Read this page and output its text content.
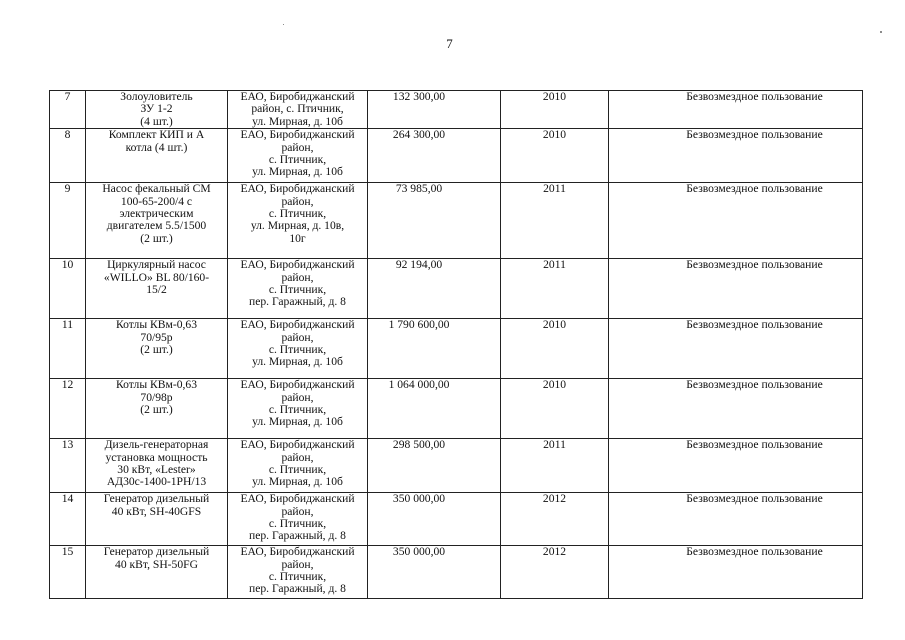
7
7	Золоуловитель
ЗУ 1-2
(4 шт.)	ЕАО, Биробиджанский
район, с. Птичник,
ул. Мирная, д. 10б	132 300,00	2010	Безвозмездное пользование
8	Комплект КИП и А
котла (4 шт.)	ЕАО, Биробиджанский
район,
с. Птичник,
ул. Мирная, д. 10б	264 300,00	2010	Безвозмездное пользование
9	Насос фекальный СМ
100-65-200/4 с
электрическим
двигателем 5.5/1500
(2 шт.)	ЕАО, Биробиджанский
район,
с. Птичник,
ул. Мирная, д. 10в,
10г	73 985,00	2011	Безвозмездное пользование
10	Циркулярный насос
«WILLO» BL 80/160-
15/2	ЕАО, Биробиджанский
район,
с. Птичник,
пер. Гаражный, д. 8	92 194,00	2011	Безвозмездное пользование
11	Котлы КВм-0,63
70/95р
(2 шт.)	ЕАО, Биробиджанский
район,
с. Птичник,
ул. Мирная, д. 10б	1 790 600,00	2010	Безвозмездное пользование
12	Котлы КВм-0,63
70/98р
(2 шт.)	ЕАО, Биробиджанский
район,
с. Птичник,
ул. Мирная, д. 10б	1 064 000,00	2010	Безвозмездное пользование
13	Дизель-генераторная
установка мощность
30 кВт, «Lester»
АД30с-1400-1РН/13	ЕАО, Биробиджанский
район,
с. Птичник,
ул. Мирная, д. 10б	298 500,00	2011	Безвозмездное пользование
14	Генератор дизельный
40 кВт, SH-40GFS	ЕАО, Биробиджанский
район,
с. Птичник,
пер. Гаражный, д. 8	350 000,00	2012	Безвозмездное пользование
15	Генератор дизельный
40 кВт, SH-50FG	ЕАО, Биробиджанский
район,
с. Птичник,
пер. Гаражный, д. 8	350 000,00	2012	Безвозмездное пользование
